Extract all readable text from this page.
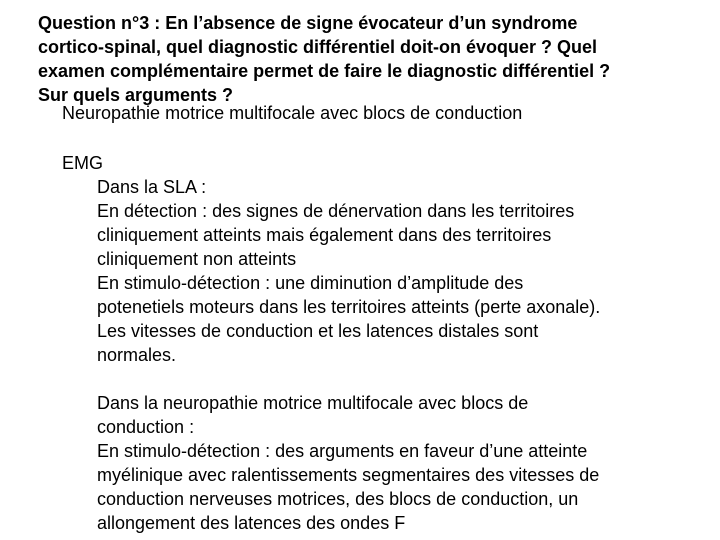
Question n°3 : En l’absence de signe évocateur d’un syndrome
cortico-spinal, quel diagnostic différentiel doit-on évoquer ? Quel
examen complémentaire permet de faire le diagnostic différentiel ?
Sur quels arguments ?
Neuropathie motrice multifocale avec blocs de conduction
EMG
Dans la SLA :
En détection : des signes de dénervation dans les territoires
cliniquement atteints mais également dans des territoires
cliniquement non atteints
En stimulo-détection : une diminution d’amplitude des
potenetiels moteurs dans les territoires atteints (perte axonale).
Les vitesses de conduction et les latences distales sont
normales.
Dans la neuropathie motrice multifocale avec blocs de
conduction :
En stimulo-détection : des arguments en faveur d’une atteinte
myélinique avec ralentissements segmentaires des vitesses de
conduction nerveuses motrices, des blocs de conduction, un
allongement des latences des ondes F
